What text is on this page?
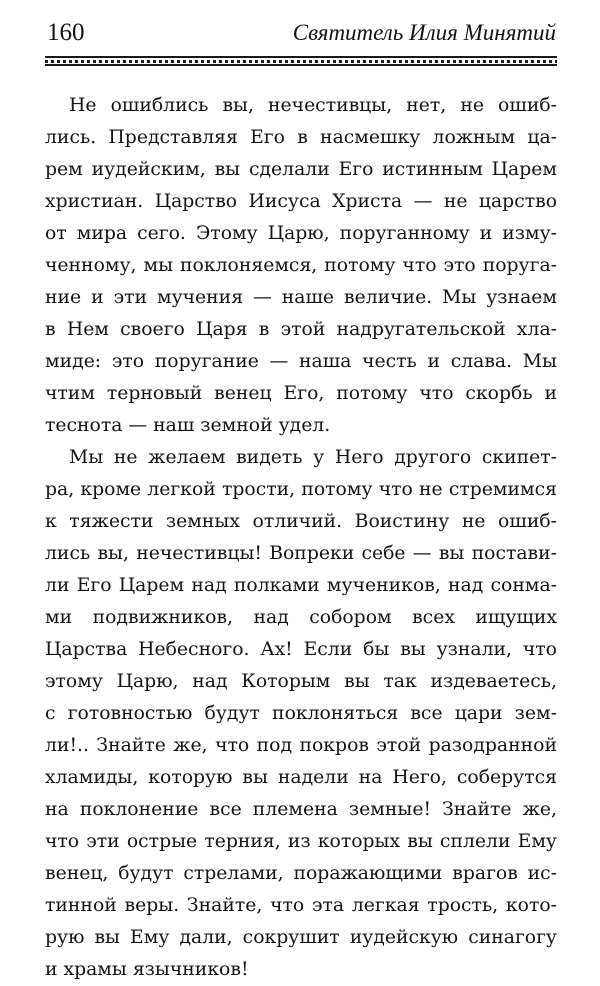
160	Святитель Илия Минятий
Не ошиблись вы, нечестивцы, нет, не ошиб-
лись. Представляя Его в насмешку ложным ца-
рем иудейским, вы сделали Его истинным Царем
христиан. Царство Иисуса Христа — не царство
от мира сего. Этому Царю, поруганному и изму-
ченному, мы поклоняемся, потому что это поруга-
ние и эти мучения — наше величие. Мы узнаем
в Нем своего Царя в этой надругательской хла-
миде: это поругание — наша честь и слава. Мы
чтим терновый венец Его, потому что скорбь и
теснота — наш земной удел.
Мы не желаем видеть у Него другого скипет-
ра, кроме легкой трости, потому что не стремимся
к тяжести земных отличий. Воистину не ошиб-
лись вы, нечестивцы! Вопреки себе — вы постави-
ли Его Царем над полками мучеников, над сонма-
ми подвижников, над собором всех ищущих
Царства Небесного. Ах! Если бы вы узнали, что
этому Царю, над Которым вы так издеваетесь,
с готовностью будут поклоняться все цари зем-
ли!.. Знайте же, что под покров этой разодранной
хламиды, которую вы надели на Него, соберутся
на поклонение все племена земные! Знайте же,
что эти острые терния, из которых вы сплели Ему
венец, будут стрелами, поражающими врагов ис-
тинной веры. Знайте, что эта легкая трость, кото-
рую вы Ему дали, сокрушит иудейскую синагогу
и храмы язычников!
